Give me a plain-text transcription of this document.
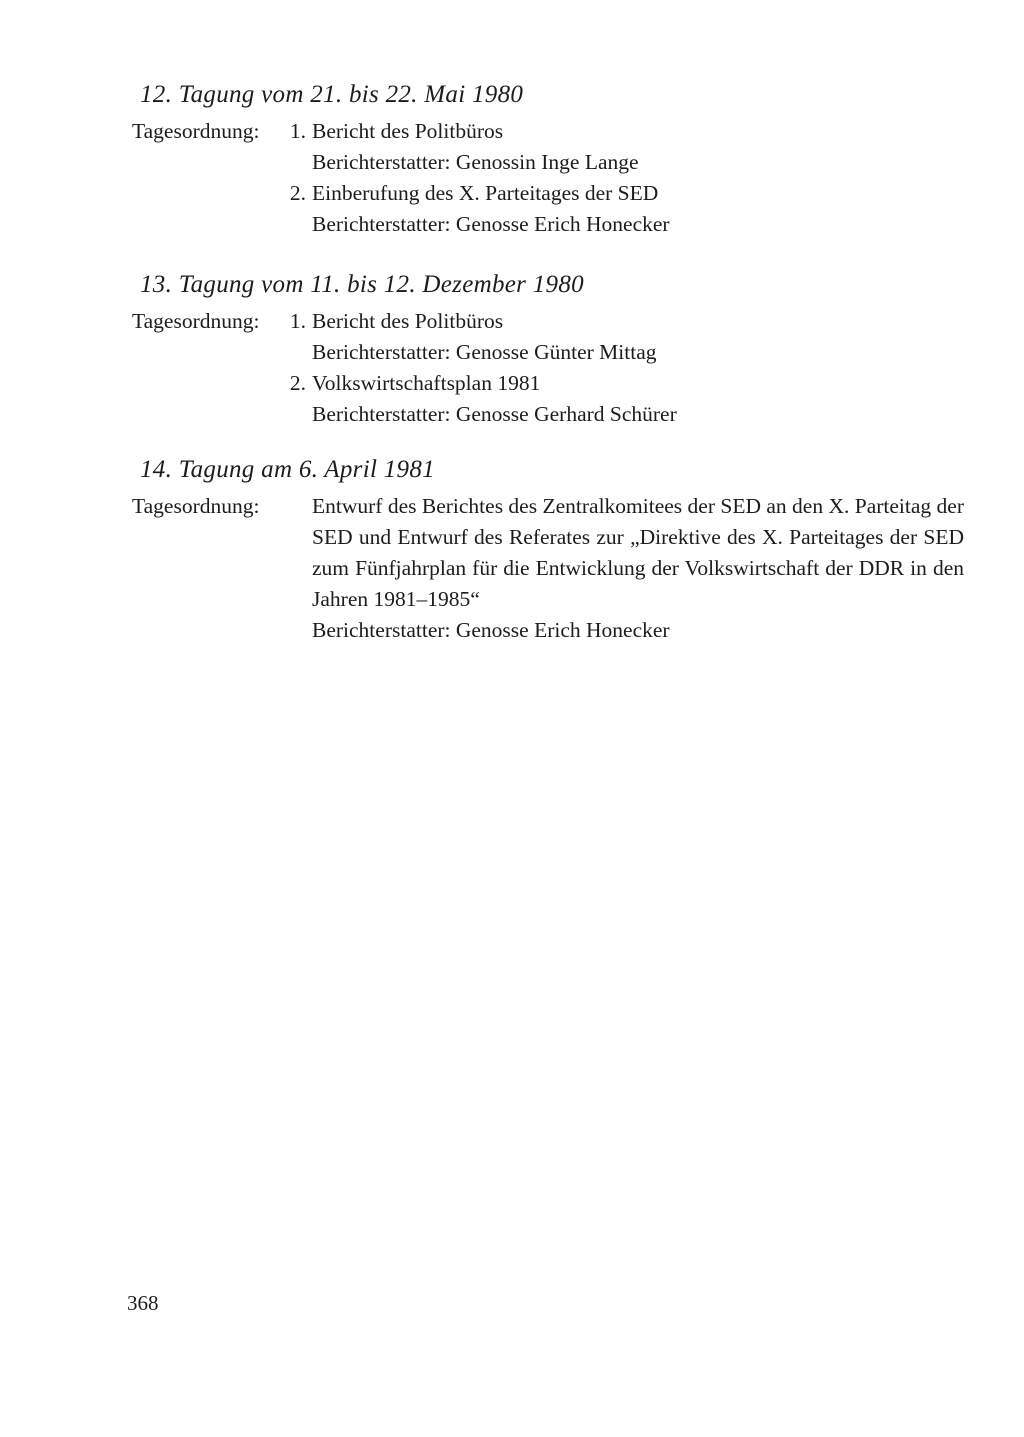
12. Tagung vom 21. bis 22. Mai 1980
Tagesordnung:	1. Bericht des Politbüros
Berichterstatter: Genossin Inge Lange
2. Einberufung des X. Parteitages der SED
Berichterstatter: Genosse Erich Honecker
13. Tagung vom 11. bis 12. Dezember 1980
Tagesordnung:	1. Bericht des Politbüros
Berichterstatter: Genosse Günter Mittag
2. Volkswirtschaftsplan 1981
Berichterstatter: Genosse Gerhard Schürer
14. Tagung am 6. April 1981
Tagesordnung:	Entwurf des Berichtes des Zentralkomitees der SED an den X. Parteitag der SED und Entwurf des Referates zur „Direktive des X. Parteitages der SED zum Fünfjahrplan für die Entwicklung der Volkswirtschaft der DDR in den Jahren 1981–1985“
Berichterstatter: Genosse Erich Honecker
368
